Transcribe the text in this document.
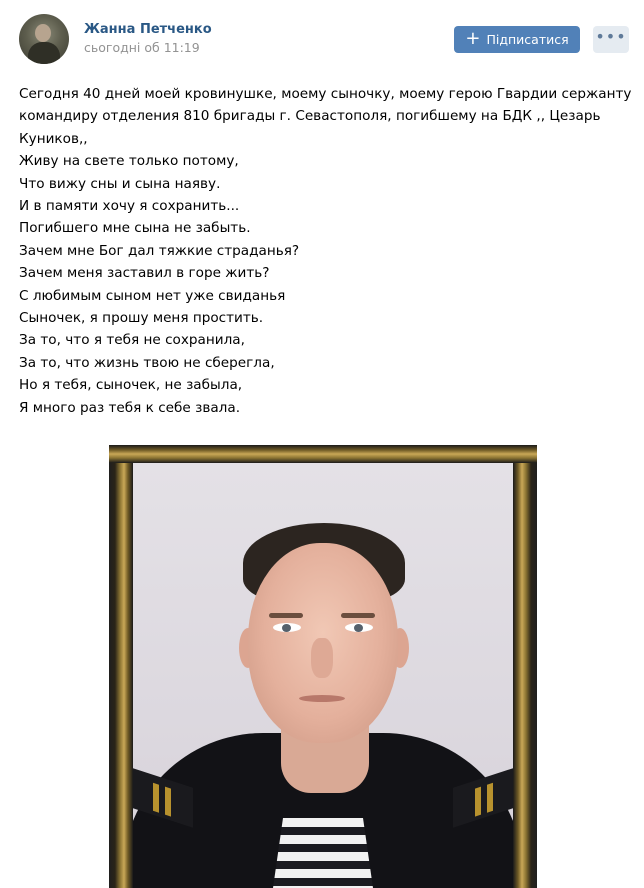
Жанна Петченко
сьогодні об 11:19	+ Підписатися •••

Сегодня 40 дней моей кровинушке, моему сыночку, моему герою Гвардии сержанту

командиру отделения 810 бригады г. Севастополя, погибшему на БДК ,, Цезарь

Куников,,

Живу на свете только потому,

Что вижу сны и сына наяву.

И в памяти хочу я сохранить...

Погибшего мне сына не забыть.

Зачем мне Бог дал тяжкие страданья?

Зачем меня заставил в горе жить?

С любимым сыном нет уже свиданья

Сыночек, я прошу меня простить.

За то, что я тебя не сохранила,

За то, что жизнь твою не сберегла,

Но я тебя, сыночек, не забыла,

Я много раз тебя к себе звала.
